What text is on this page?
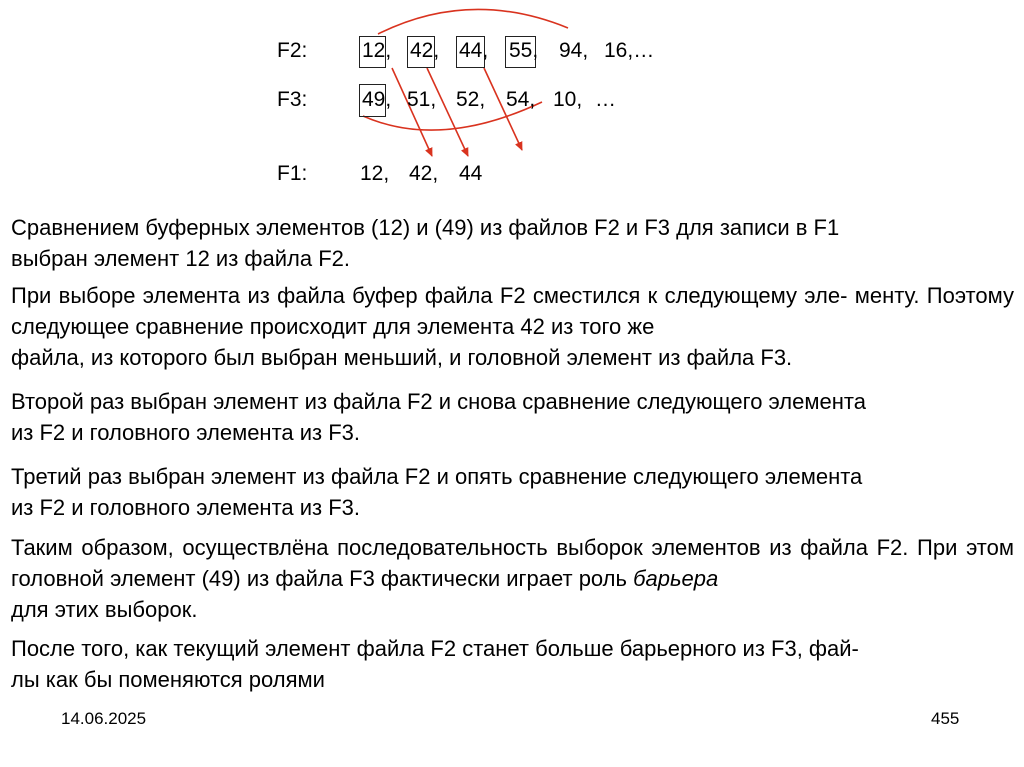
F2:	12, 42, 44, 55, 94, 16,…
F3:	49, 51, 52, 54, 10, …
F1:	12, 42, 44
Сравнением буферных элементов (12) и (49) из файлов F2 и F3 для записи в F1
выбран элемент 12 из файла F2.
При выборе элемента из файла буфер файла F2 сместился к следующему эле- менту. Поэтому следующее сравнение происходит для элемента 42 из того же
файла, из которого был выбран меньший, и головной элемент из файла F3.
Второй раз выбран элемент из файла F2 и снова сравнение следующего элемента
из F2 и головного элемента из F3.
Третий раз выбран элемент из файла F2 и опять сравнение следующего элемента
из F2 и головного элемента из F3.
Таким образом, осуществлёна последовательность выборок элементов из файла F2. При этом головной элемент (49) из файла F3 фактически играет роль барьера
для этих выборок.
После того, как текущий элемент файла F2 станет больше барьерного из F3, фай-
лы как бы поменяются ролями
14.06.2025	455
